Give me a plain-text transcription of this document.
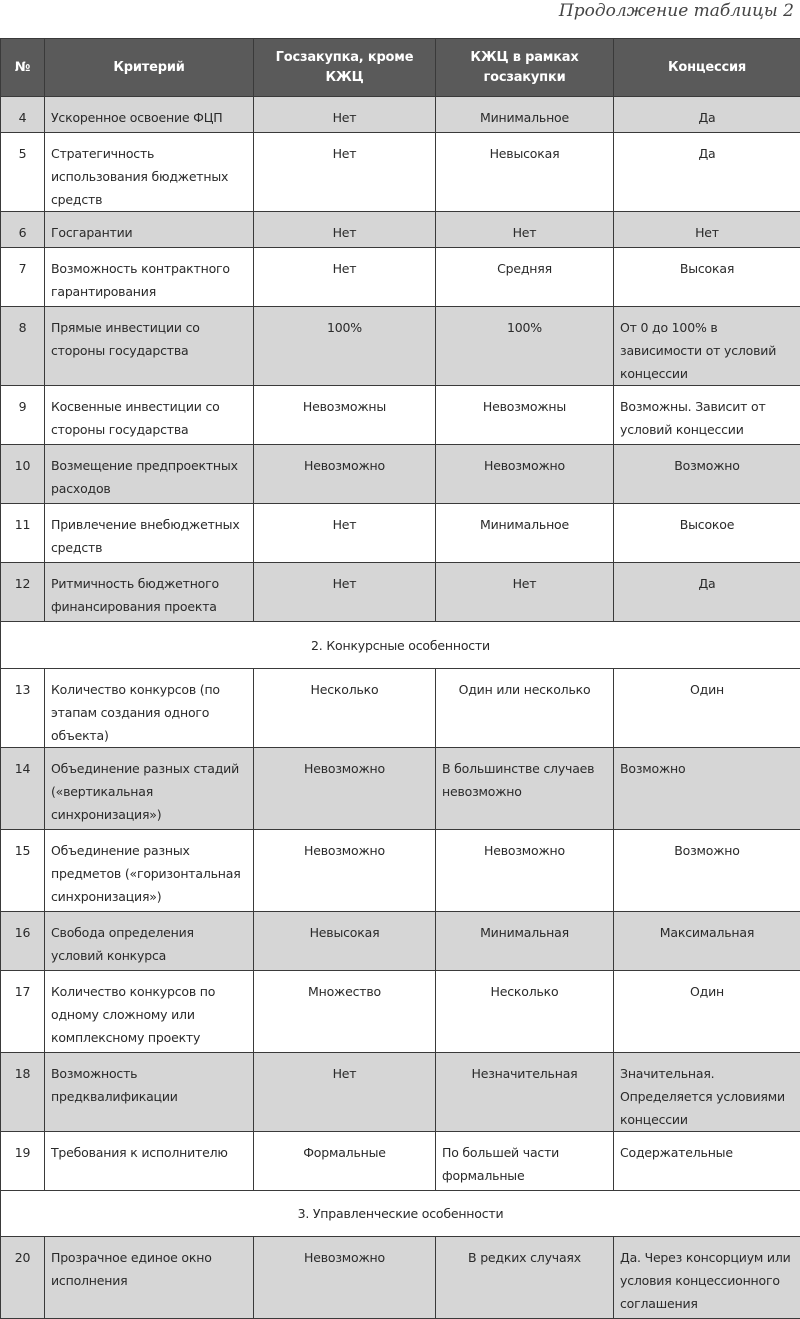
Продолжение таблицы 2
№	Критерий	Госзакупка, кроме КЖЦ	КЖЦ в рамках госзакупки	Концессия
4	Ускоренное освоение ФЦП	Нет	Минимальное	Да
5	Стратегичность использования бюджетных средств	Нет	Невысокая	Да
6	Госгарантии	Нет	Нет	Нет
7	Возможность контрактного гарантирования	Нет	Средняя	Высокая
8	Прямые инвестиции со стороны государства	100%	100%	От 0 до 100% в зависимости от условий концессии
9	Косвенные инвестиции со стороны государства	Невозможны	Невозможны	Возможны. Зависит от условий концессии
10	Возмещение предпроектных расходов	Невозможно	Невозможно	Возможно
11	Привлечение внебюджетных средств	Нет	Минимальное	Высокое
12	Ритмичность бюджетного финансирования проекта	Нет	Нет	Да
2. Конкурсные особенности				
13	Количество конкурсов (по этапам создания одного объекта)	Несколько	Один или несколько	Один
14	Объединение разных стадий («вертикальная синхронизация»)	Невозможно	В большинстве случаев невозможно	Возможно
15	Объединение разных предметов («горизонтальная синхронизация»)	Невозможно	Невозможно	Возможно
16	Свобода определения условий конкурса	Невысокая	Минимальная	Максимальная
17	Количество конкурсов по одному сложному или комплексному проекту	Множество	Несколько	Один
18	Возможность предквалификации	Нет	Незначительная	Значительная. Определяется условиями концессии
19	Требования к исполнителю	Формальные	По большей части формальные	Содержательные
3. Управленческие особенности				
20	Прозрачное единое окно исполнения	Невозможно	В редких случаях	Да. Через консорциум или условия концессионного соглашения
